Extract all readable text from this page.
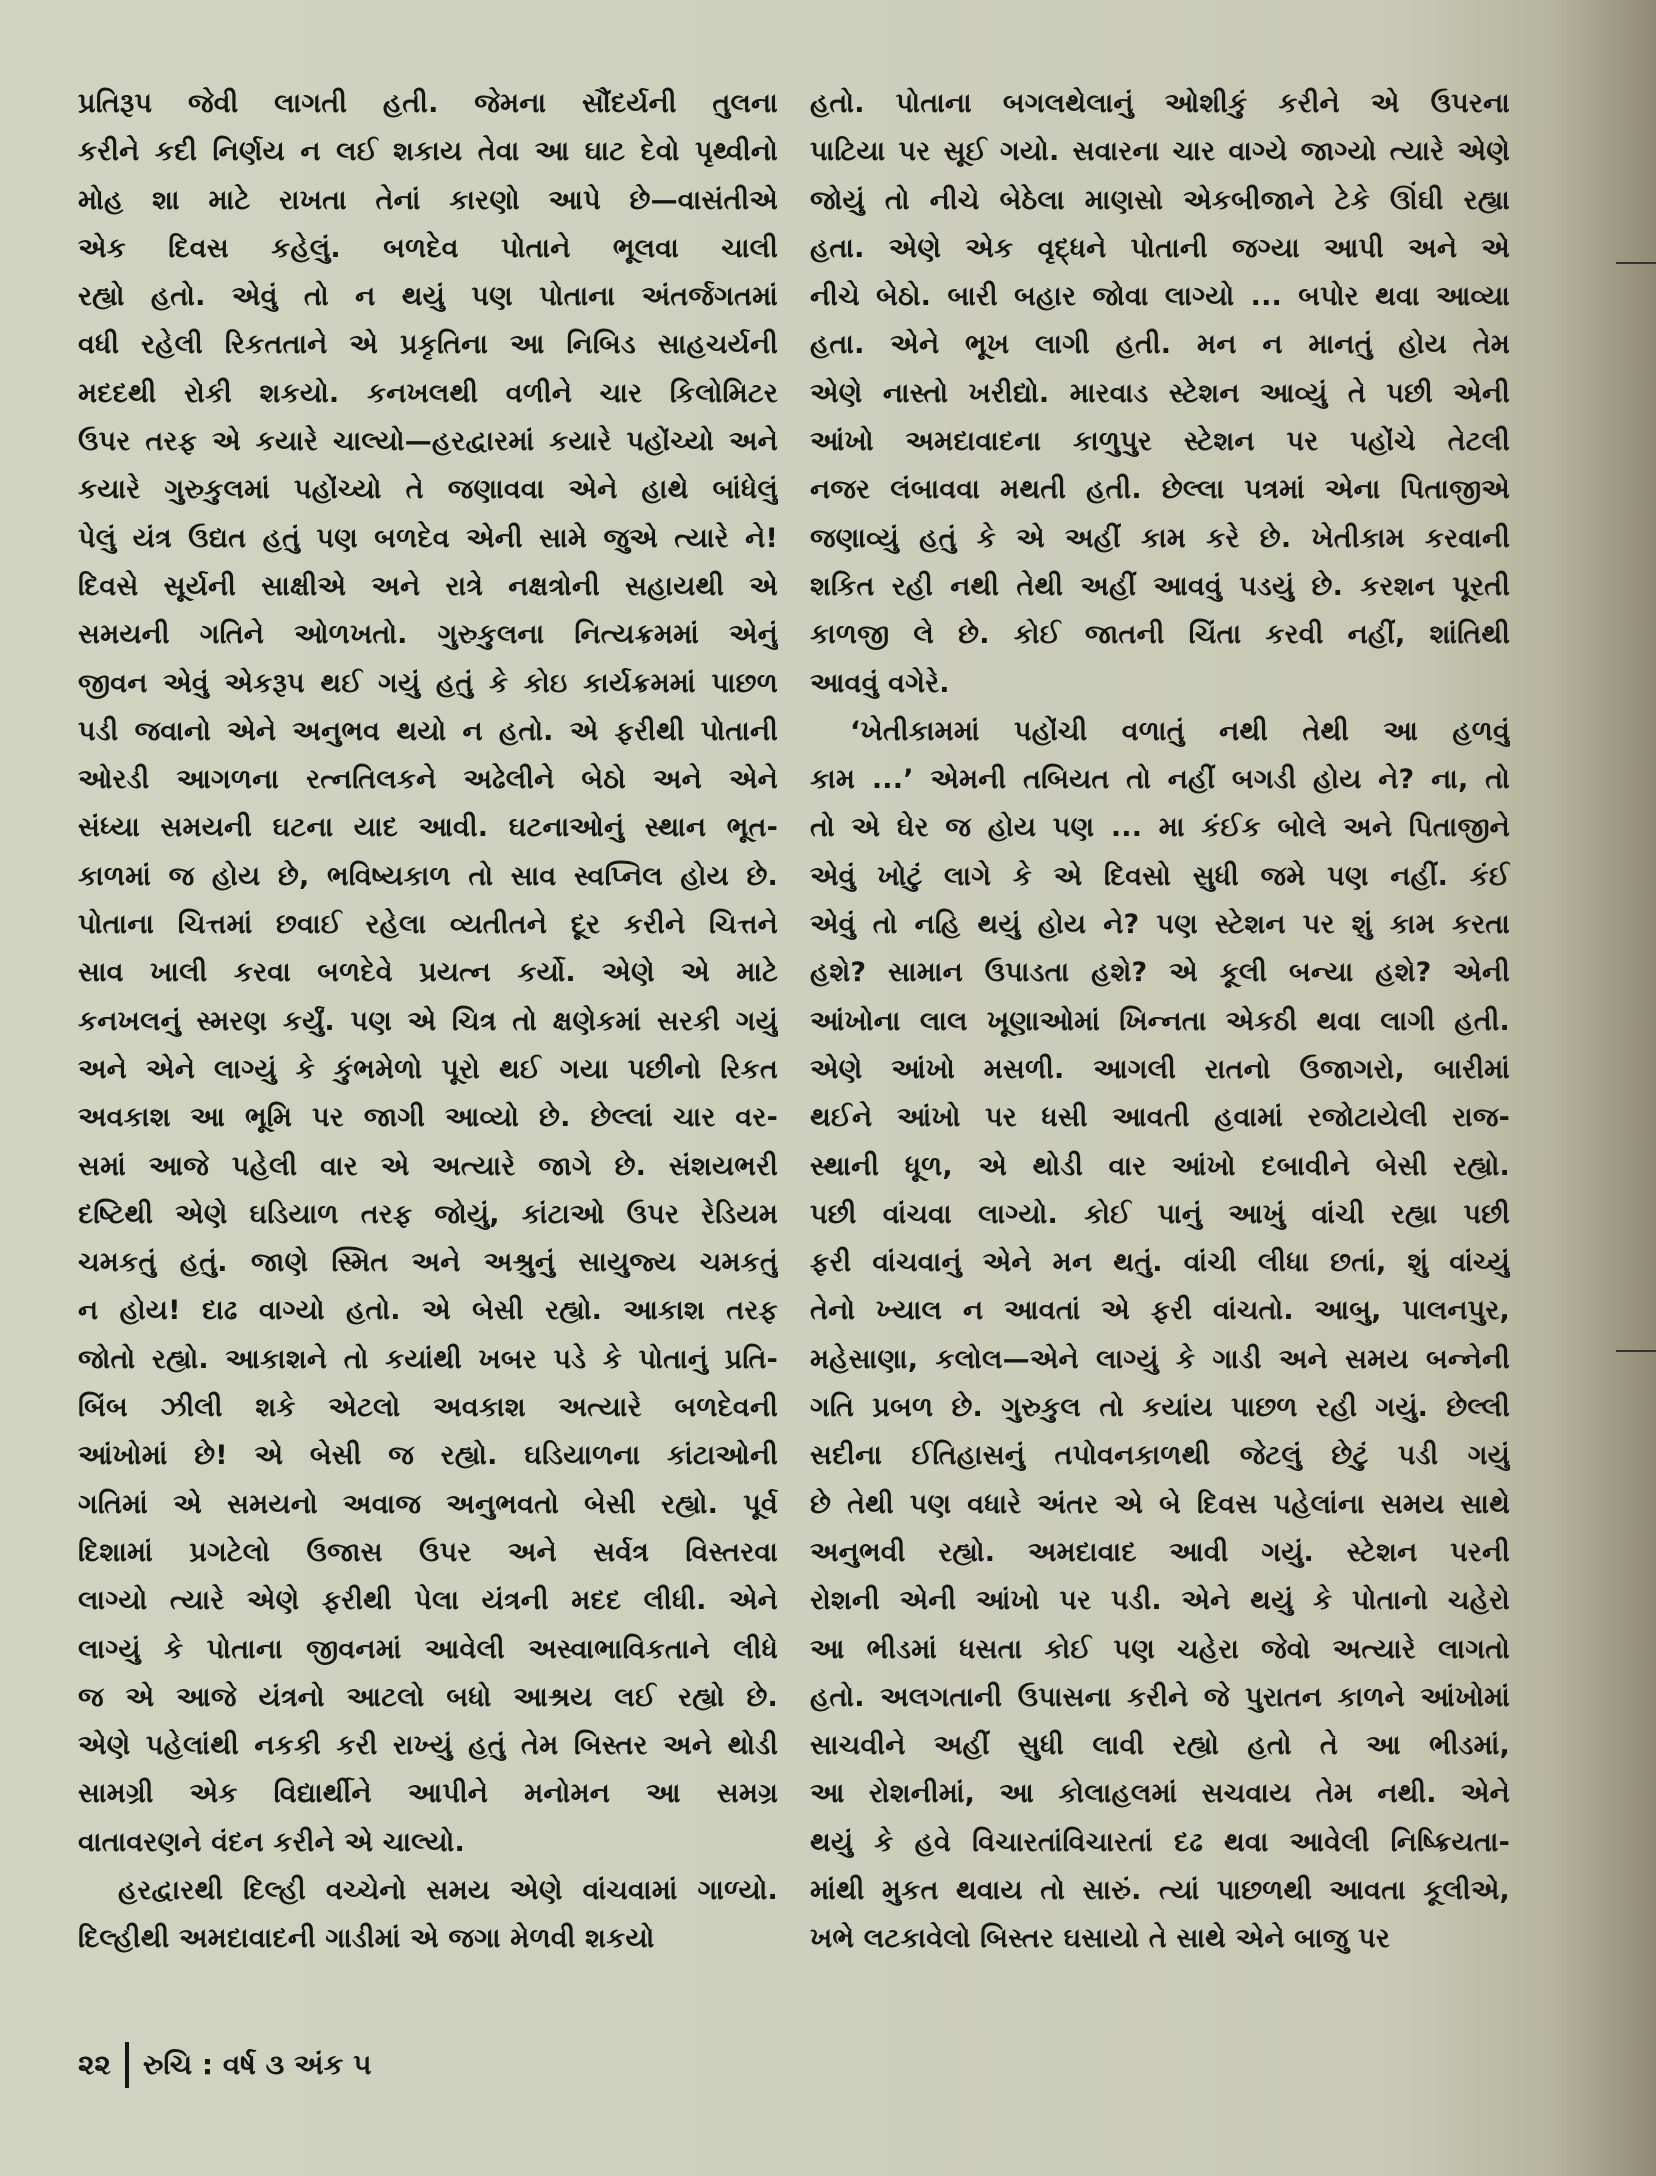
પ્રતિરૂપ જેવી લાગતી હતી. જેમના સૌંદર્યની તુલના
કરીને કદી નિર્ણય ન લઈ શકાય તેવા આ ઘાટ દેવો પૃથ્વીનો
મોહ શા માટે રાખતા તેનાં કારણો આપે છે—વાસંતીએ
એક દિવસ કહેલું. બળદેવ પોતાને ભૂલવા ચાલી
રહ્યો હતો. એવું તો ન થયું પણ પોતાના અંતર્જગતમાં
વધી રહેલી રિકતતાને એ પ્રકૃતિના આ નિબિડ સાહચર્યની
મદદથી રોકી શકયો. કનખલથી વળીને ચાર કિલોમિટર
ઉપર તરફ એ કયારે ચાલ્યો—હરદ્વારમાં કયારે પહોંચ્યો અને
કયારે ગુરુકુલમાં પહોંચ્યો તે જણાવવા એને હાથે બાંધેલું
પેલું યંત્ર ઉદ્યત હતું પણ બળદેવ એની સામે જુએ ત્યારે ને!
દિવસે સૂર્યની સાક્ષીએ અને રાત્રે નક્ષત્રોની સહાયથી એ
સમયની ગતિને ઓળખતો. ગુરુકુલના નિત્યક્રમમાં એનું
જીવન એવું એકરૂપ થઈ ગયું હતું કે કોઇ કાર્યક્રમમાં પાછળ
પડી જવાનો એને અનુભવ થયો ન હતો. એ ફરીથી પોતાની
ઓરડી આગળના રત્નતિલકને અઢેલીને બેઠો અને એને
સંધ્યા સમયની ઘટના યાદ આવી. ઘટનાઓનું સ્થાન ભૂત-
કાળમાં જ હોય છે, ભવિષ્યકાળ તો સાવ સ્વપ્નિલ હોય છે.
પોતાના ચિત્તમાં છવાઈ રહેલા વ્યતીતને દૂર કરીને ચિત્તને
સાવ ખાલી કરવા બળદેવે પ્રયત્ન કર્યો. એણે એ માટે
કનખલનું સ્મરણ કર્યું. પણ એ ચિત્ર તો ક્ષણેકમાં સરકી ગયું
અને એને લાગ્યું કે કુંભમેળો પૂરો થઈ ગયા પછીનો રિકત
અવકાશ આ ભૂમિ પર જાગી આવ્યો છે. છેલ્લાં ચાર વર-
સમાં આજે પહેલી વાર એ અત્યારે જાગે છે. સંશયભરી
દષ્ટિથી એણે ઘડિયાળ તરફ જોયું, કાંટાઓ ઉપર રેડિયમ
ચમકતું હતું. જાણે સ્મિત અને અશ્રુનું સાયુજ્ય ચમકતું
ન હોય! દાઢ વાગ્યો હતો. એ બેસી રહ્યો. આકાશ તરફ
જોતો રહ્યો. આકાશને તો કયાંથી ખબર પડે કે પોતાનું પ્રતિ-
બિંબ ઝીલી શકે એટલો અવકાશ અત્યારે બળદેવની
આંખોમાં છે! એ બેસી જ રહ્યો. ઘડિયાળના કાંટાઓની
ગતિમાં એ સમયનો અવાજ અનુભવતો બેસી રહ્યો. પૂર્વ
દિશામાં પ્રગટેલો ઉજાસ ઉપર અને સર્વત્ર વિસ્તરવા
લાગ્યો ત્યારે એણે ફરીથી પેલા યંત્રની મદદ લીધી. એને
લાગ્યું કે પોતાના જીવનમાં આવેલી અસ્વાભાવિકતાને લીધે
જ એ આજે યંત્રનો આટલો બધો આશ્રય લઈ રહ્યો છે.
એણે પહેલાંથી નકકી કરી રાખ્યું હતું તેમ બિસ્તર અને થોડી
સામગ્રી એક વિદ્યાર્થીને આપીને મનોમન આ સમગ્ર
વાતાવરણને વંદન કરીને એ ચાલ્યો.
હરદ્વારથી દિલ્હી વચ્ચેનો સમય એણે વાંચવામાં ગાળ્યો.
દિલ્હીથી અમદાવાદની ગાડીમાં એ જગા મેળવી શકયો
હતો. પોતાના બગલથેલાનું ઓશીકું કરીને એ ઉપરના
પાટિયા પર સૂઈ ગયો. સવારના ચાર વાગ્યે જાગ્યો ત્યારે એણે
જોયું તો નીચે બેઠેલા માણસો એકબીજાને ટેકે ઊંઘી રહ્યા
હતા. એણે એક વૃદ્ધને પોતાની જગ્યા આપી અને એ
નીચે બેઠો. બારી બહાર જોવા લાગ્યો ... બપોર થવા આવ્યા
હતા. એને ભૂખ લાગી હતી. મન ન માનતું હોય તેમ
એણે નાસ્તો ખરીદ્યો. મારવાડ સ્ટેશન આવ્યું તે પછી એની
આંખો અમદાવાદના કાળુપુર સ્ટેશન પર પહોંચે તેટલી
નજર લંબાવવા મથતી હતી. છેલ્લા પત્રમાં એના પિતાજીએ
જણાવ્યું હતું કે એ અહીં કામ કરે છે. ખેતીકામ કરવાની
શકિત રહી નથી તેથી અહીં આવવું પડયું છે. કરશન પૂરતી
કાળજી લે છે. કોઈ જાતની ચિંતા કરવી નહીં, શાંતિથી
આવવું વગેરે.
‘ખેતીકામમાં પહોંચી વળાતું નથી તેથી આ હળવું
કામ ...’ એમની તબિયત તો નહીં બગડી હોય ને? ના, તો
તો એ ઘેર જ હોય પણ ... મા કંઈક બોલે અને પિતાજીને
એવું ખોટું લાગે કે એ દિવસો સુધી જમે પણ નહીં. કંઈ
એવું તો નહિ થયું હોય ને? પણ સ્ટેશન પર શું કામ કરતા
હશે? સામાન ઉપાડતા હશે? એ કૂલી બન્યા હશે? એની
આંખોના લાલ ખૂણાઓમાં ખિન્નતા એકઠી થવા લાગી હતી.
એણે આંખો મસળી. આગલી રાતનો ઉજાગરો, બારીમાં
થઈને આંખો પર ધસી આવતી હવામાં રજોટાયેલી રાજ-
સ્થાની ધૂળ, એ થોડી વાર આંખો દબાવીને બેસી રહ્યો.
પછી વાંચવા લાગ્યો. કોઈ પાનું આખું વાંચી રહ્યા પછી
ફરી વાંચવાનું એને મન થતું. વાંચી લીધા છતાં, શું વાંચ્યું
તેનો ખ્યાલ ન આવતાં એ ફરી વાંચતો. આબુ, પાલનપુર,
મહેસાણા, કલોલ—એને લાગ્યું કે ગાડી અને સમય બન્નેની
ગતિ પ્રબળ છે. ગુરુકુલ તો કયાંય પાછળ રહી ગયું. છેલ્લી
સદીના ઈતિહાસનું તપોવનકાળથી જેટલું છેટું પડી ગયું
છે તેથી પણ વધારે અંતર એ બે દિવસ પહેલાંના સમય સાથે
અનુભવી રહ્યો. અમદાવાદ આવી ગયું. સ્ટેશન પરની
રોશની એની આંખો પર પડી. એને થયું કે પોતાનો ચહેરો
આ ભીડમાં ધસતા કોઈ પણ ચહેરા જેવો અત્યારે લાગતો
હતો. અલગતાની ઉપાસના કરીને જે પુરાતન કાળને આંખોમાં
સાચવીને અહીં સુધી લાવી રહ્યો હતો તે આ ભીડમાં,
આ રોશનીમાં, આ કોલાહલમાં સચવાય તેમ નથી. એને
થયું કે હવે વિચારતાંવિચારતાં દઢ થવા આવેલી નિષ્ક્રિયતા-
માંથી મુકત થવાય તો સારું. ત્યાં પાછળથી આવતા કૂલીએ,
ખભે લટકાવેલો બિસ્તર ઘસાયો તે સાથે એને બાજુ પર
૨૨ રુચિ : વર્ષ ૩ અંક ૫
